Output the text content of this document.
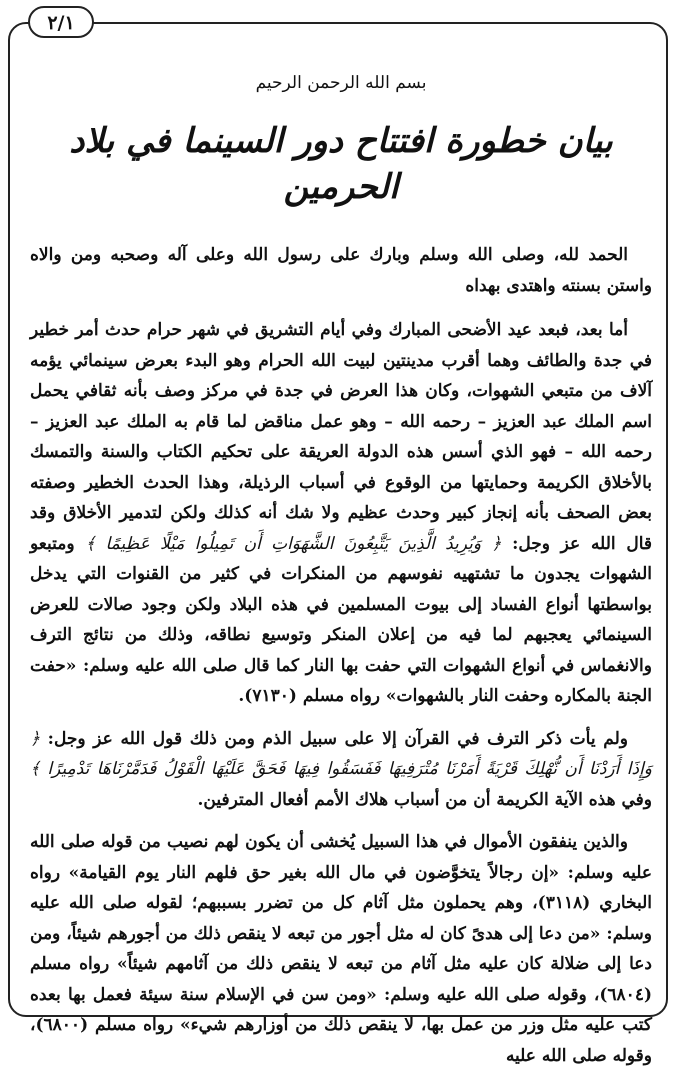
٢/١
بسم الله الرحمن الرحيم
بيان خطورة افتتاح دور السينما في بلاد الحرمين

الحمد لله، وصلى الله وسلم وبارك على رسول الله وعلى آله وصحبه ومن والاه واستن بسنته واهتدى بهداه

أما بعد، فبعد عيد الأضحى المبارك وفي أيام التشريق في شهر حرام حدث أمر خطير في جدة والطائف وهما أقرب مدينتين لبيت الله الحرام وهو البدء بعرض سينمائي يؤمه آلاف من متبعي الشهوات، وكان هذا العرض في جدة في مركز وصف بأنه ثقافي يحمل اسم الملك عبد العزيز – رحمه الله – وهو عمل مناقض لما قام به الملك عبد العزيز – رحمه الله – فهو الذي أسس هذه الدولة العريقة على تحكيم الكتاب والسنة والتمسك بالأخلاق الكريمة وحمايتها من الوقوع في أسباب الرذيلة، وهذا الحدث الخطير وصفته بعض الصحف بأنه إنجاز كبير وحدث عظيم ولا شك أنه كذلك ولكن لتدمير الأخلاق وقد قال الله عز وجل: ﴿ وَيُرِيدُ الَّذِينَ يَتَّبِعُونَ الشَّهَوَاتِ أَن تَمِيلُوا مَيْلًا عَظِيمًا ﴾ ومتبعو الشهوات يجدون ما تشتهيه نفوسهم من المنكرات في كثير من القنوات التي يدخل بواسطتها أنواع الفساد إلى بيوت المسلمين في هذه البلاد ولكن وجود صالات للعرض السينمائي يعجبهم لما فيه من إعلان المنكر وتوسيع نطاقه، وذلك من نتائج الترف والانغماس في أنواع الشهوات التي حفت بها النار كما قال صلى الله عليه وسلم: «حفت الجنة بالمكاره وحفت النار بالشهوات» رواه مسلم (٧١٣٠).

ولم يأت ذكر الترف في القرآن إلا على سبيل الذم ومن ذلك قول الله عز وجل: ﴿ وَإِذَا أَرَدْنَا أَن نُّهْلِكَ قَرْيَةً أَمَرْنَا مُتْرَفِيهَا فَفَسَقُوا فِيهَا فَحَقَّ عَلَيْهَا الْقَوْلُ فَدَمَّرْنَاهَا تَدْمِيرًا ﴾ وفي هذه الآية الكريمة أن من أسباب هلاك الأمم أفعال المترفين.

والذين ينفقون الأموال في هذا السبيل يُخشى أن يكون لهم نصيب من قوله صلى الله عليه وسلم: «إن رجالاً يتخوَّضون في مال الله بغير حق فلهم النار يوم القيامة» رواه البخاري (٣١١٨)، وهم يحملون مثل آثام كل من تضرر بسببهم؛ لقوله صلى الله عليه وسلم: «من دعا إلى هدىً كان له مثل أجور من تبعه لا ينقص ذلك من أجورهم شيئاً، ومن دعا إلى ضلالة كان عليه مثل آثام من تبعه لا ينقص ذلك من آثامهم شيئاً» رواه مسلم (٦٨٠٤)، وقوله صلى الله عليه وسلم: «ومن سن في الإسلام سنة سيئة فعمل بها بعده كتب عليه مثل وزر من عمل بها، لا ينقص ذلك من أوزارهم شيء» رواه مسلم (٦٨٠٠)، وقوله صلى الله عليه
